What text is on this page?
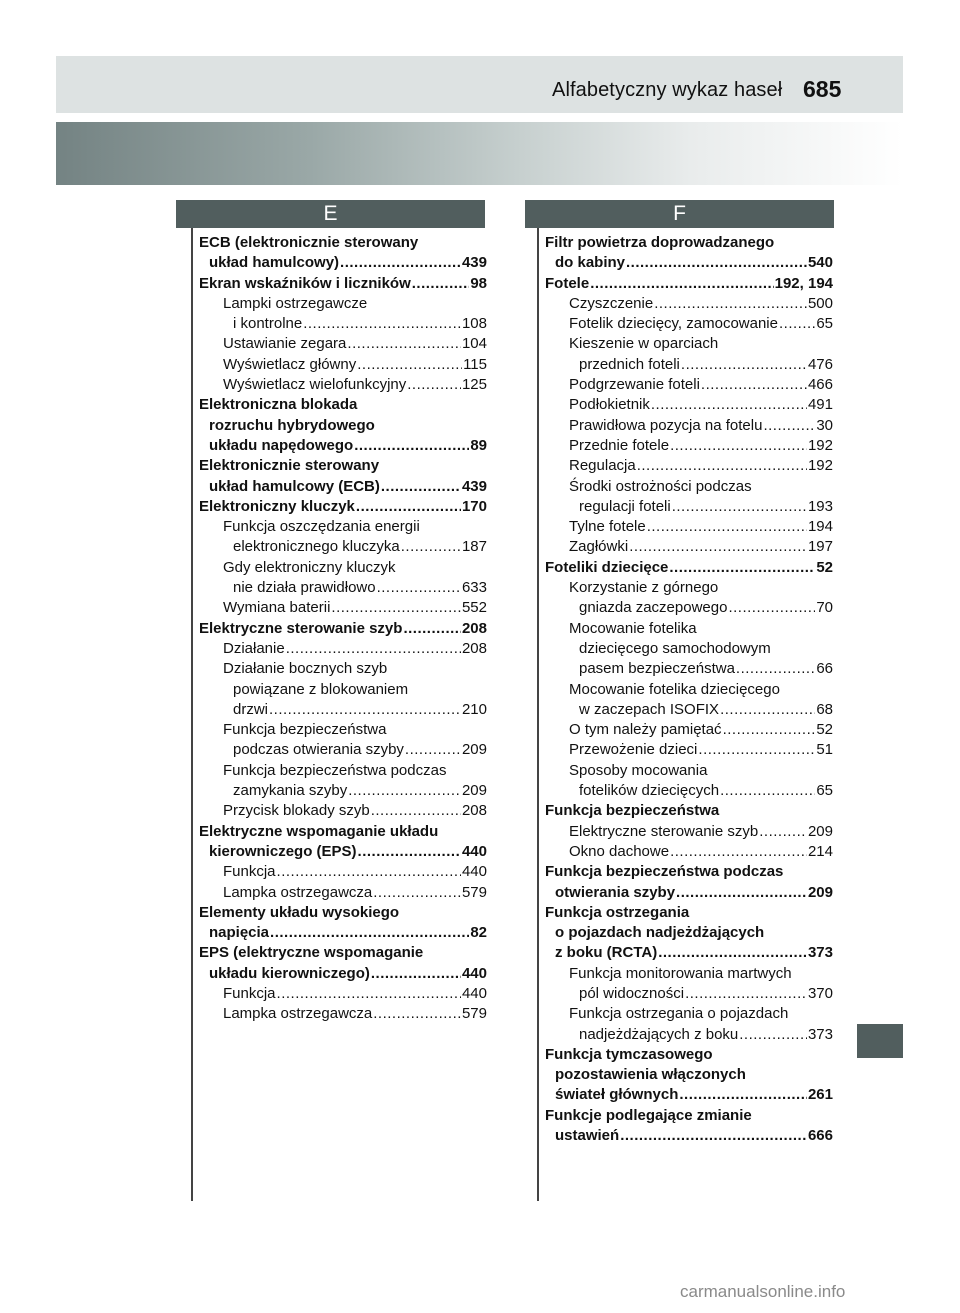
Alfabetyczny wykaz haseł 685
E	F
ECB (elektronicznie sterowany
układ hamulcowy) .....	439
Ekran wskaźników i liczników .....	98
Lampki ostrzegawcze
i kontrolne .....	108
Ustawianie zegara .....	104
Wyświetlacz główny .....	115
Wyświetlacz wielofunkcyjny .....	125
Elektroniczna blokada
rozruchu hybrydowego
układu napędowego .....	89
Elektronicznie sterowany
układ hamulcowy (ECB) .....	439
Elektroniczny kluczyk .....	170
Funkcja oszczędzania energii
elektronicznego kluczyka .....	187
Gdy elektroniczny kluczyk
nie działa prawidłowo .....	633
Wymiana baterii .....	552
Elektryczne sterowanie szyb .....	208
Działanie .....	208
Działanie bocznych szyb
powiązane z blokowaniem
drzwi .....	210
Funkcja bezpieczeństwa
podczas otwierania szyby .....	209
Funkcja bezpieczeństwa podczas
zamykania szyby .....	209
Przycisk blokady szyb .....	208
Elektryczne wspomaganie układu
kierowniczego (EPS) .....	440
Funkcja .....	440
Lampka ostrzegawcza .....	579
Elementy układu wysokiego
napięcia .....	82
EPS (elektryczne wspomaganie
układu kierowniczego) .....	440
Funkcja .....	440
Lampka ostrzegawcza .....	579
Filtr powietrza doprowadzanego
do kabiny .....	540
Fotele .....	192, 194
Czyszczenie .....	500
Fotelik dziecięcy, zamocowanie .....	65
Kieszenie w oparciach
przednich foteli .....	476
Podgrzewanie foteli .....	466
Podłokietnik .....	491
Prawidłowa pozycja na fotelu .....	30
Przednie fotele .....	192
Regulacja .....	192
Środki ostrożności podczas
regulacji foteli .....	193
Tylne fotele .....	194
Zagłówki .....	197
Foteliki dziecięce .....	52
Korzystanie z górnego
gniazda zaczepowego .....	70
Mocowanie fotelika
dziecięcego samochodowym
pasem bezpieczeństwa .....	66
Mocowanie fotelika dziecięcego
w zaczepach ISOFIX .....	68
O tym należy pamiętać .....	52
Przewożenie dzieci .....	51
Sposoby mocowania
fotelików dziecięcych .....	65
Funkcja bezpieczeństwa
Elektryczne sterowanie szyb .....	209
Okno dachowe .....	214
Funkcja bezpieczeństwa podczas
otwierania szyby .....	209
Funkcja ostrzegania
o pojazdach nadjeżdżających
z boku (RCTA) .....	373
Funkcja monitorowania martwych
pól widoczności .....	370
Funkcja ostrzegania o pojazdach
nadjeżdżających z boku .....	373
Funkcja tymczasowego
pozostawienia włączonych
świateł głównych .....	261
Funkcje podlegające zmianie
ustawień .....	666
carmanualsonline.info
